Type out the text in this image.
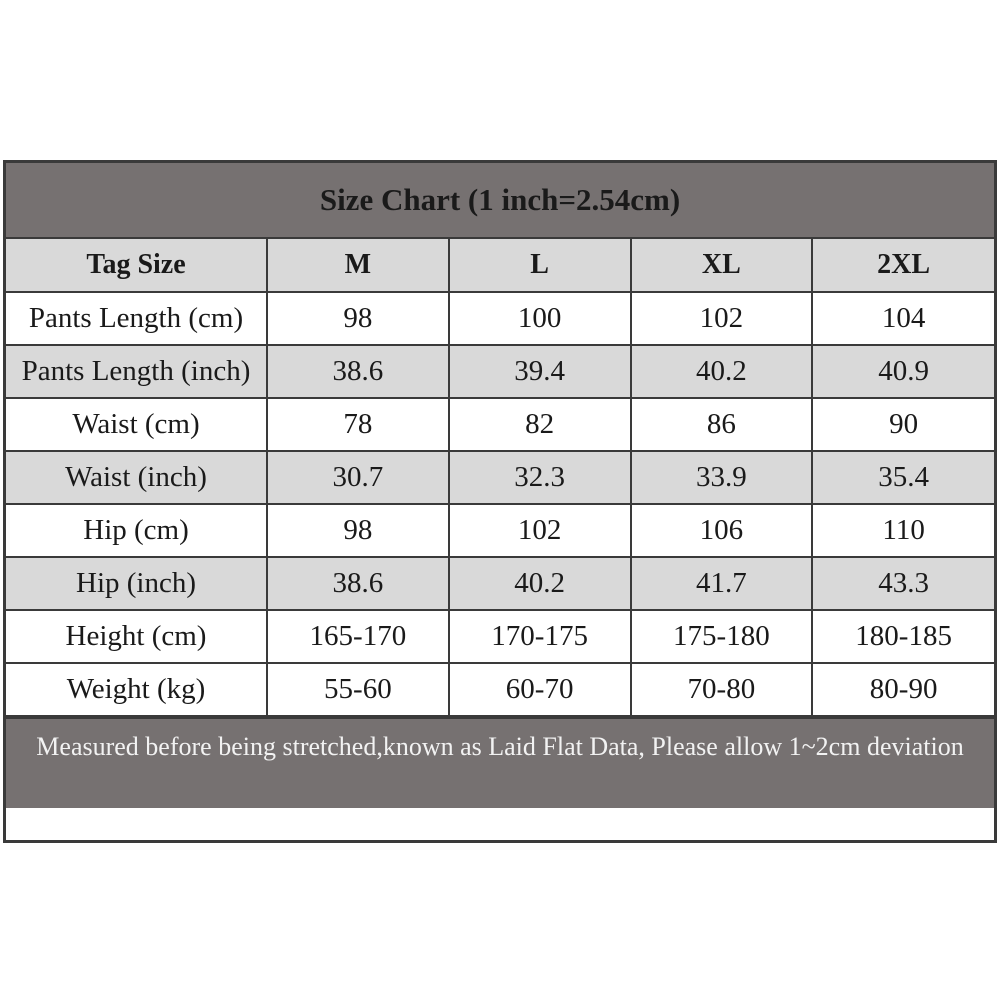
Size Chart (1 inch=2.54cm)
Tag Size	M	L	XL	2XL
Pants Length (cm)	98	100	102	104
Pants Length (inch)	38.6	39.4	40.2	40.9
Waist (cm)	78	82	86	90
Waist (inch)	30.7	32.3	33.9	35.4
Hip (cm)	98	102	106	110
Hip (inch)	38.6	40.2	41.7	43.3
Height (cm)	165-170	170-175	175-180	180-185
Weight (kg)	55-60	60-70	70-80	80-90
Measured before being stretched,known as Laid Flat Data, Please allow 1~2cm deviation
